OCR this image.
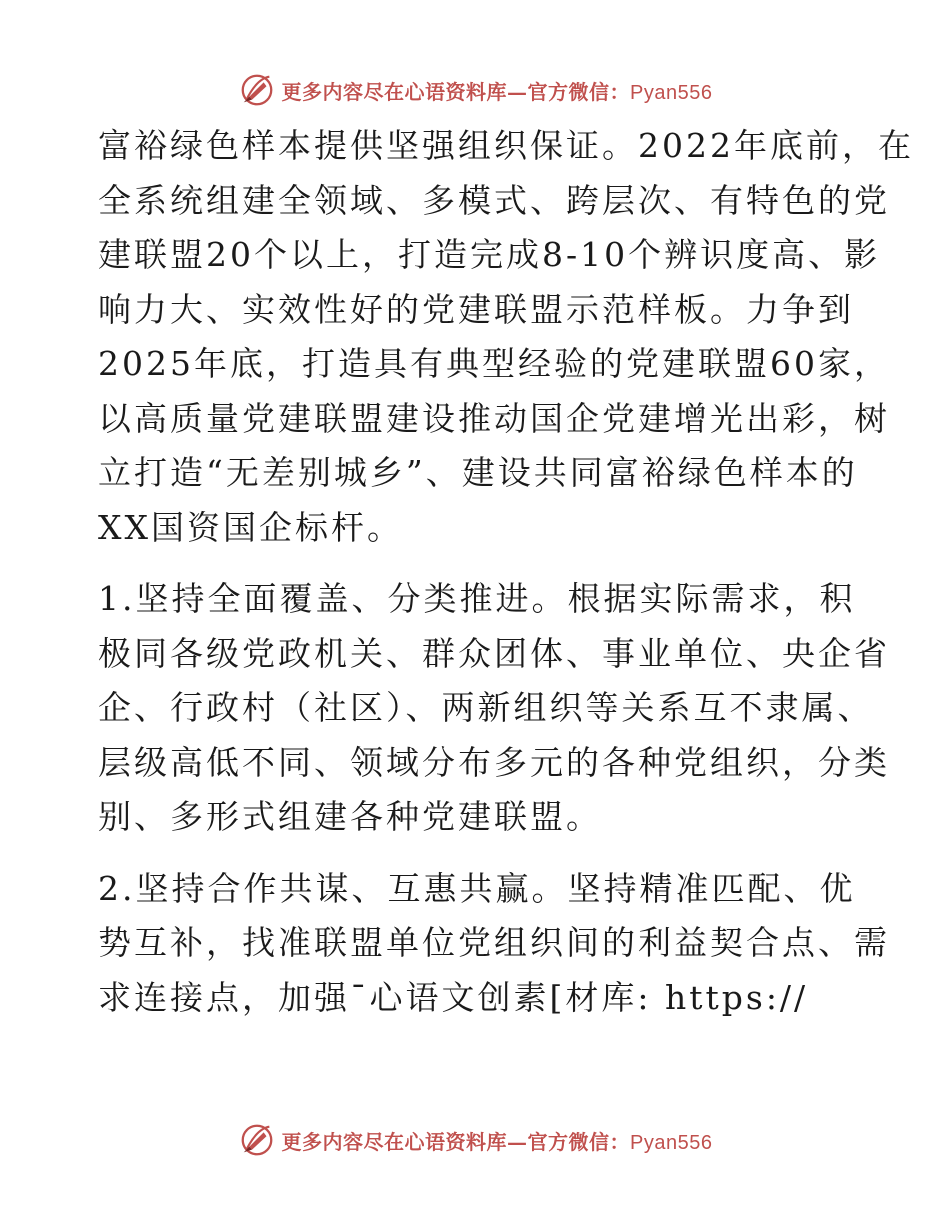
更多内容尽在心语资料库—官方微信：Pyan556
富裕绿色样本提供坚强组织保证。2022年底前，在
全系统组建全领域、多模式、跨层次、有特色的党
建联盟20个以上，打造完成8-10个辨识度高、影
响力大、实效性好的党建联盟示范样板。力争到
2025年底，打造具有典型经验的党建联盟60家，
以高质量党建联盟建设推动国企党建增光出彩，树
立打造“无差别城乡”、建设共同富裕绿色样本的
XX国资国企标杆。
1.坚持全面覆盖、分类推进。根据实际需求，积
极同各级党政机关、群众团体、事业单位、央企省
企、行政村（社区）、两新组织等关系互不隶属、
层级高低不同、领域分布多元的各种党组织，分类
别、多形式组建各种党建联盟。
2.坚持合作共谋、互惠共赢。坚持精准匹配、优
势互补，找准联盟单位党组织间的利益契合点、需
求连接点，加强¯心语文创素[材库: https://
更多内容尽在心语资料库—官方微信：Pyan556
